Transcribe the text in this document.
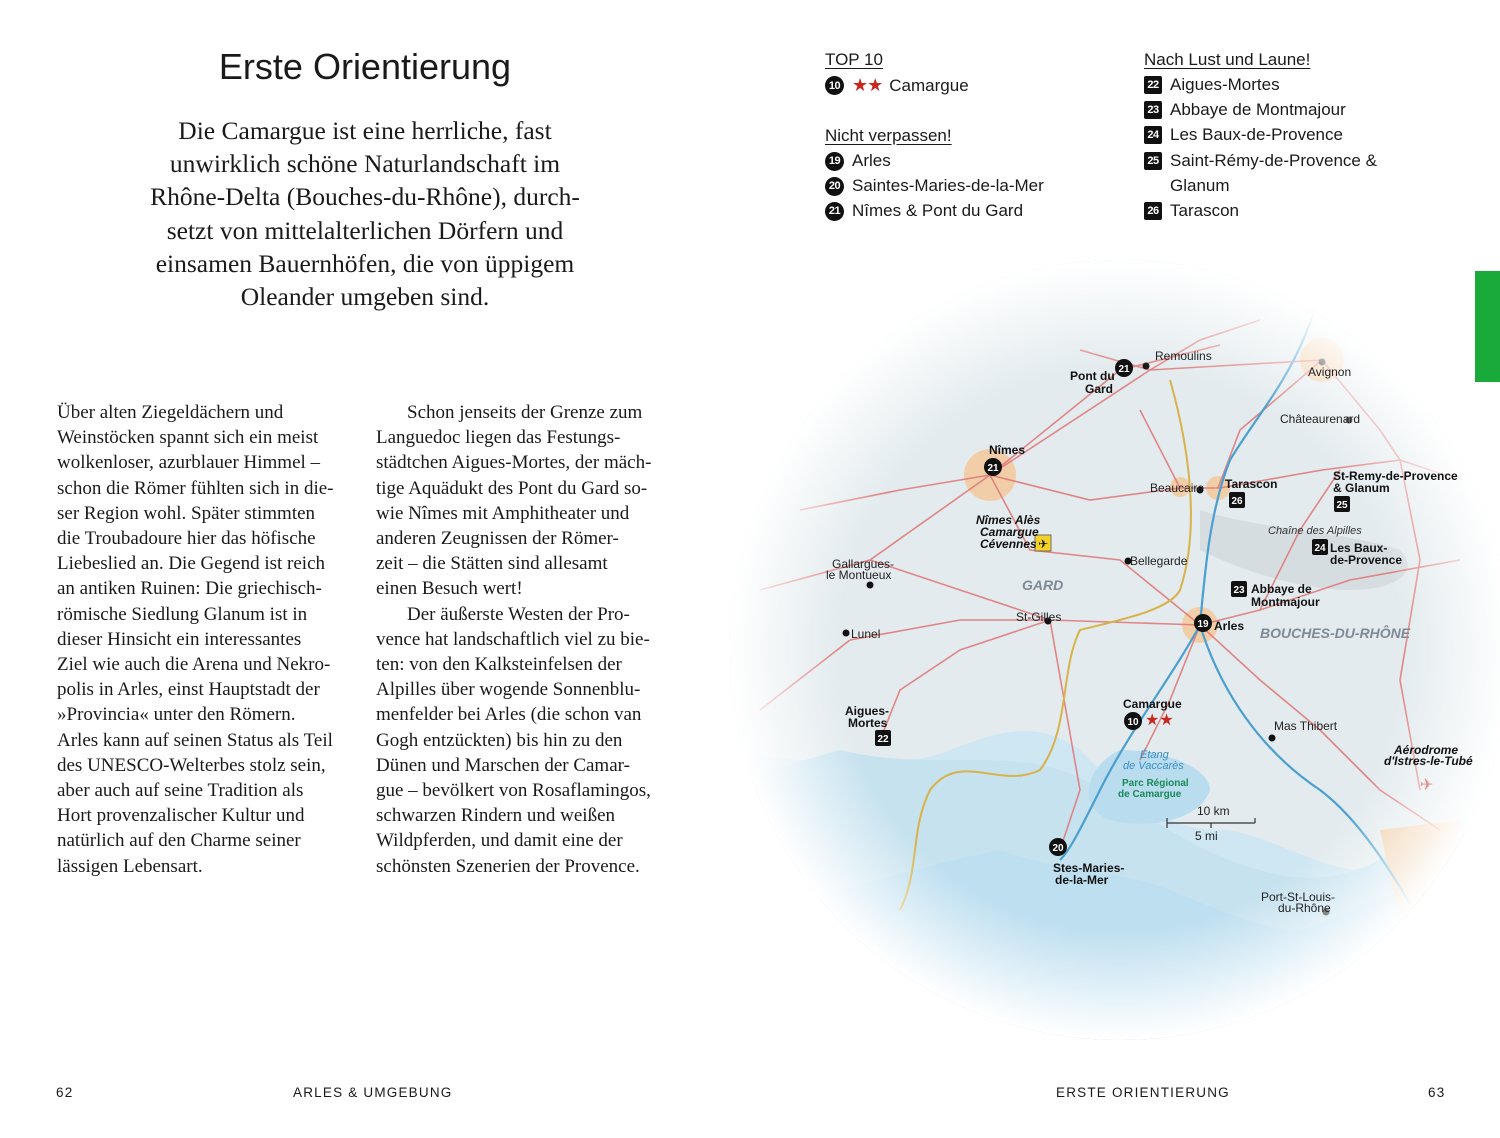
Erste Orientierung
Die Camargue ist eine herrliche, fast
unwirklich schöne Naturlandschaft im
Rhône-Delta (Bouches-du-Rhône), durch-
setzt von mittelalterlichen Dörfern und
einsamen Bauernhöfen, die von üppigem
Oleander umgeben sind.
Über alten Ziegeldächern und
Weinstöcken spannt sich ein meist
wolkenloser, azurblauer Himmel –
schon die Römer fühlten sich in die-
ser Region wohl. Später stimmten
die Troubadoure hier das höfische
Liebeslied an. Die Gegend ist reich
an antiken Ruinen: Die griechisch-
römische Siedlung Glanum ist in
dieser Hinsicht ein interessantes
Ziel wie auch die Arena und Nekro-
polis in Arles, einst Hauptstadt der
»Provincia« unter den Römern.
Arles kann auf seinen Status als Teil
des UNESCO-Welterbes stolz sein,
aber auch auf seine Tradition als
Hort provenzalischer Kultur und
natürlich auf den Charme seiner
lässigen Lebensart.
Schon jenseits der Grenze zum
Languedoc liegen das Festungs-
städtchen Aigues-Mortes, der mäch-
tige Aquädukt des Pont du Gard so-
wie Nîmes mit Amphitheater und
anderen Zeugnissen der Römer-
zeit – die Stätten sind allesamt
einen Besuch wert!
Der äußerste Westen der Pro-
vence hat landschaftlich viel zu bie-
ten: von den Kalksteinfelsen der
Alpilles über wogende Sonnenblu-
menfelder bei Arles (die schon van
Gogh entzückten) bis hin zu den
Dünen und Marschen der Camar-
gue – bevölkert von Rosaflamingos,
schwarzen Rindern und weißen
Wildpferden, und damit eine der
schönsten Szenerien der Provence.
62	ARLES & UMGEBUNG
TOP 10
10 ★★ Camargue
Nicht verpassen!
19 Arles
20 Saintes-Maries-de-la-Mer
21 Nîmes & Pont du Gard
Nach Lust und Laune!
22 Aigues-Mortes
23 Abbaye de Montmajour
24 Les Baux-de-Provence
25 Saint-Rémy-de-Provence &
Glanum
26 Tarascon
Remoulins
Avignon
Pont du
Gard
Châteaurenard
Nîmes
Beaucaire Tarascon
St-Remy-de-Provence
& Glanum
Nîmes Alès
Camargue
Cévennes
Chaîne des Alpilles
Les Baux-
de-Provence
Gallargues-
le Montueux
Bellegarde
GARD	Abbaye de
Montmajour
St-Gilles
Lunel
Arles BOUCHES-DU-RHÔNE
Camargue
Aigues-
Mortes	Mas Thibert
Étang
de Vaccarès
Parc Régional
de Camargue
Aérodrome
d'Istres-le-Tubé
10 km
5 mi
Stes-Maries-
de-la-Mer
Port-St-Louis-
du-Rhône
21
21
26	25
24
23
19
10 ★★
22
20
ERSTE ORIENTIERUNG	63
